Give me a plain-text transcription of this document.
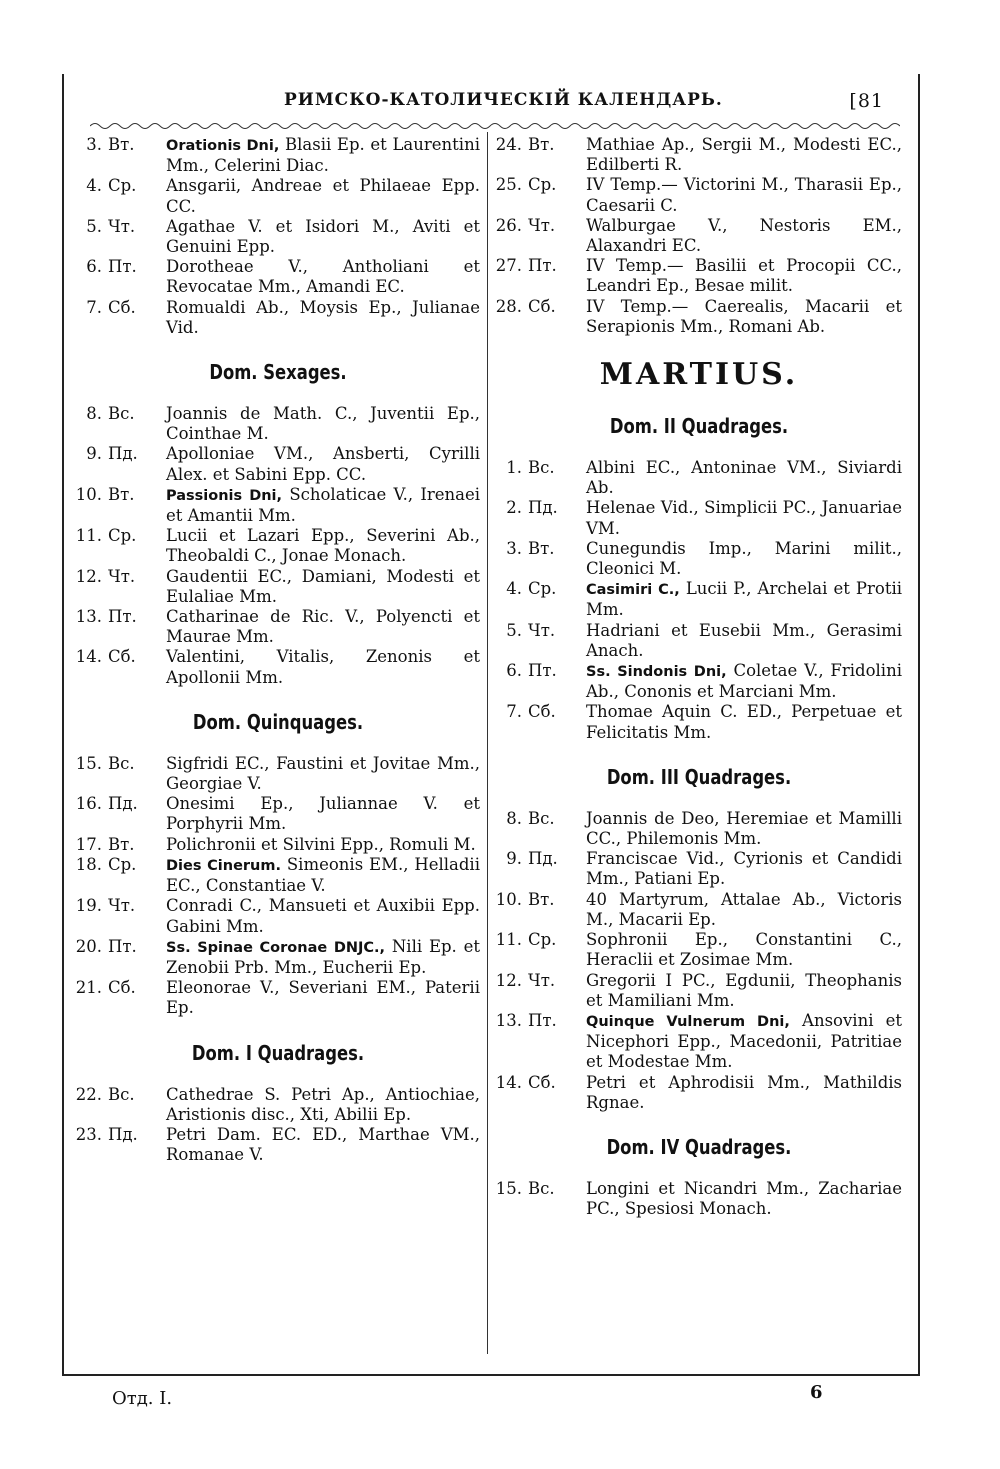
РИМСКО-КАТОЛИЧЕСКІЙ КАЛЕНДАРЬ.	[81
3. Вт.	Orationis Dni, Blasii Ep. et Laurentini Mm., Celerini Diac.
4. Ср.	Ansgarii, Andreae et Philaeae Epp. CC.
5. Чт.	Agathae V. et Isidori M., Aviti et Genuini Epp.
6. Пт.	Dorotheae V., Antholiani et Revocatae Mm., Amandi EC.
7. Сб.	Romualdi Ab., Moysis Ep., Julianae Vid.
Dom. Sexages.
8. Вс.	Joannis de Math. C., Juventii Ep., Cointhae M.
9. Пд.	Apolloniae VM., Ansberti, Cyrilli Alex. et Sabini Epp. CC.
10. Вт.	Passionis Dni, Scholaticae V., Irenaei et Amantii Mm.
11. Ср.	Lucii et Lazari Epp., Severini Ab., Theobaldi C., Jonae Monach.
12. Чт.	Gaudentii EC., Damiani, Modesti et Eulaliae Mm.
13. Пт.	Catharinae de Ric. V., Polyencti et Maurae Mm.
14. Сб.	Valentini, Vitalis, Zenonis et Apollonii Mm.
Dom. Quinquages.
15. Вс.	Sigfridi EC., Faustini et Jovitae Mm., Georgiae V.
16. Пд.	Onesimi Ep., Juliannae V. et Porphyrii Mm.
17. Вт.	Polichronii et Silvini Epp., Romuli M.
18. Ср.	Dies Cinerum. Simeonis EM., Helladii EC., Constantiae V.
19. Чт.	Conradi C., Mansueti et Auxibii Epp. Gabini Mm.
20. Пт.	Ss. Spinae Coronae DNJC., Nili Ep. et Zenobii Prb. Mm., Eucherii Ep.
21. Сб.	Eleonorae V., Severiani EM., Paterii Ep.
Dom. I Quadrages.
22. Вс.	Cathedrae S. Petri Ap., Antiochiae, Aristionis disc., Xti, Abilii Ep.
23. Пд.	Petri Dam. EC. ED., Marthae VM., Romanae V.
24. Вт.	Mathiae Ap., Sergii M., Modesti EC., Edilberti R.
25. Ср.	IV Temp.— Victorini M., Tharasii Ep., Caesarii C.
26. Чт.	Walburgae V., Nestoris EM., Alaxandri EC.
27. Пт.	IV Temp.— Basilii et Procopii CC., Leandri Ep., Besae milit.
28. Сб.	IV Temp.— Caerealis, Macarii et Serapionis Mm., Romani Ab.
MARTIUS.
Dom. II Quadrages.
1. Вс.	Albini EC., Antoninae VM., Siviardi Ab.
2. Пд.	Helenae Vid., Simplicii PC., Januariae VM.
3. Вт.	Cunegundis Imp., Marini milit., Cleonici M.
4. Ср.	Casimiri C., Lucii P., Archelai et Protii Mm.
5. Чт.	Hadriani et Eusebii Mm., Gerasimi Anach.
6. Пт.	Ss. Sindonis Dni, Coletae V., Fridolini Ab., Cononis et Marciani Mm.
7. Сб.	Thomae Aquin C. ED., Perpetuae et Felicitatis Mm.
Dom. III Quadrages.
8. Вс.	Joannis de Deo, Heremiae et Mamilli CC., Philemonis Mm.
9. Пд.	Franciscae Vid., Cyrionis et Candidi Mm., Patiani Ep.
10. Вт.	40 Martyrum, Attalae Ab., Victoris M., Macarii Ep.
11. Ср.	Sophronii Ep., Constantini C., Heraclii et Zosimae Mm.
12. Чт.	Gregorii I PC., Egdunii, Theophanis et Mamiliani Mm.
13. Пт.	Quinque Vulnerum Dni, Ansovini et Nicephori Epp., Macedonii, Patritiae et Modestae Mm.
14. Сб.	Petri et Aphrodisii Mm., Mathildis Rgnae.
Dom. IV Quadrages.
15. Вс.	Longini et Nicandri Mm., Zachariae PC., Spesiosi Monach.
Отд. I.	6
